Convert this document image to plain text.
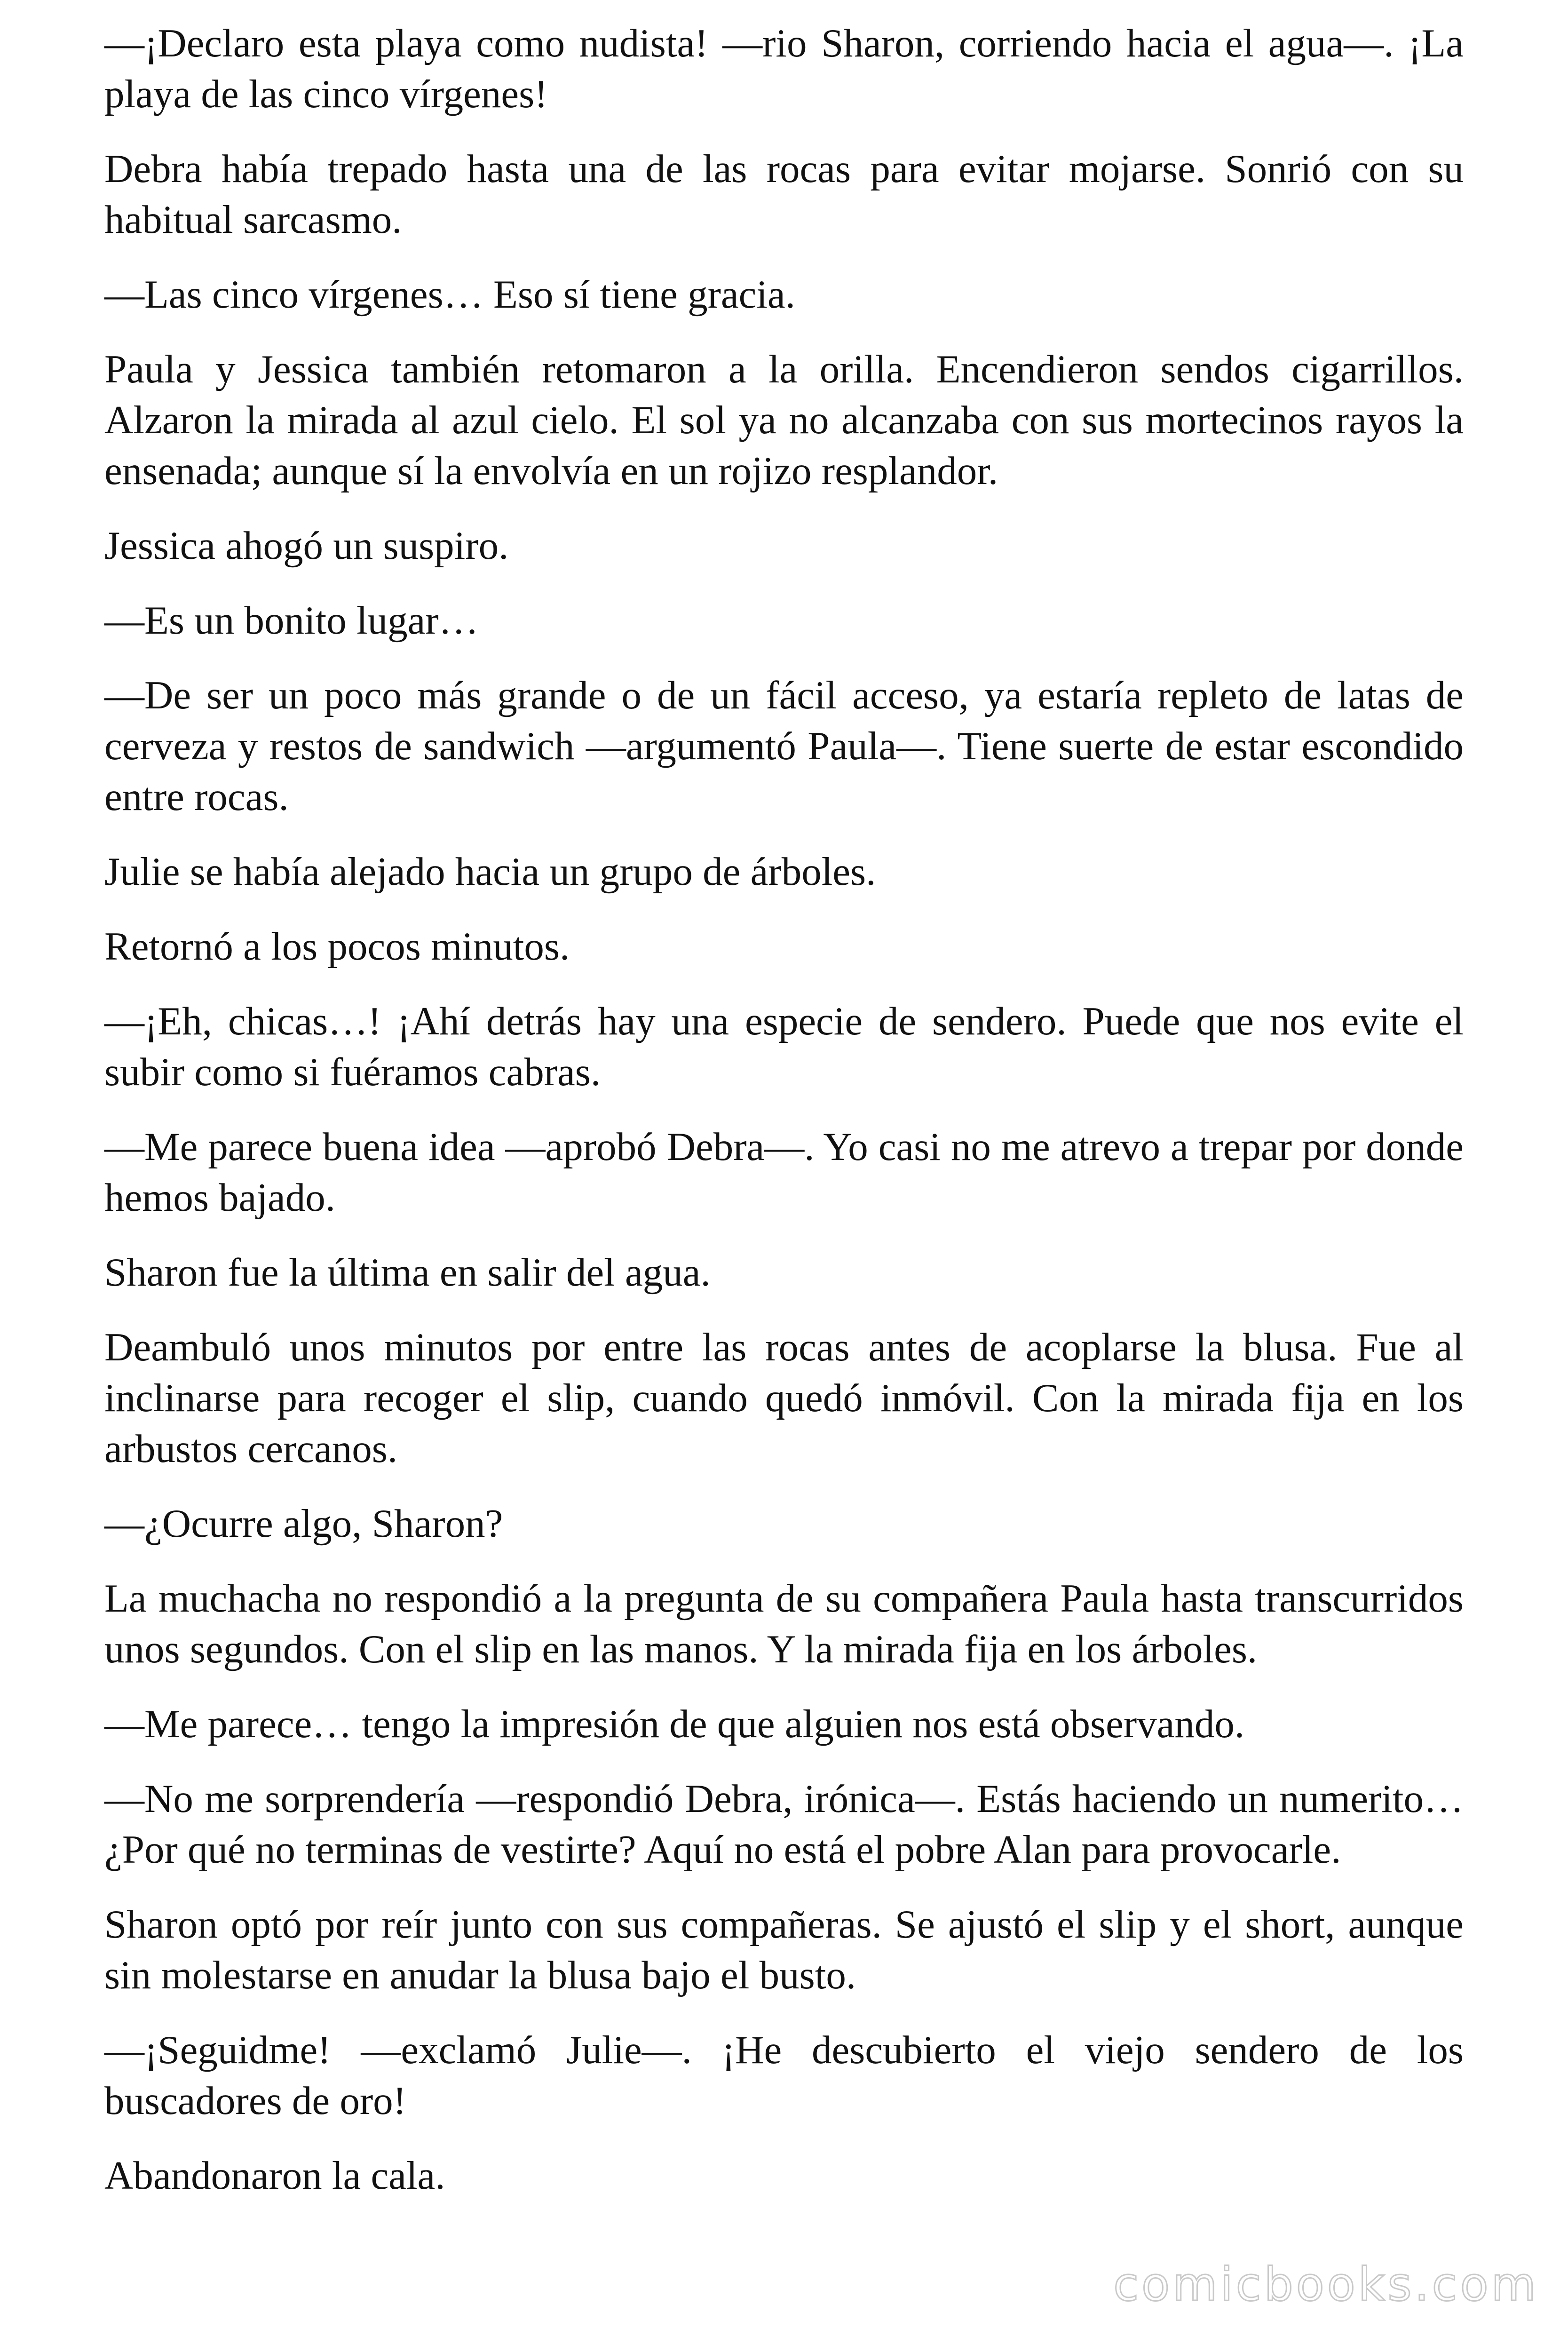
—¡Declaro esta playa como nudista! —rio Sharon, corriendo hacia el agua—. ¡La playa de las cinco vírgenes!

Debra había trepado hasta una de las rocas para evitar mojarse. Sonrió con su habitual sarcasmo.

—Las cinco vírgenes… Eso sí tiene gracia.

Paula y Jessica también retomaron a la orilla. Encendieron sendos cigarrillos. Alzaron la mirada al azul cielo. El sol ya no alcanzaba con sus mortecinos rayos la ensenada; aunque sí la envolvía en un rojizo resplandor.

Jessica ahogó un suspiro.

—Es un bonito lugar…

—De ser un poco más grande o de un fácil acceso, ya estaría repleto de latas de cerveza y restos de sandwich —argumentó Paula—. Tiene suerte de estar escondido entre rocas.

Julie se había alejado hacia un grupo de árboles.

Retornó a los pocos minutos.

—¡Eh, chicas…! ¡Ahí detrás hay una especie de sendero. Puede que nos evite el subir como si fuéramos cabras.

—Me parece buena idea —aprobó Debra—. Yo casi no me atrevo a trepar por donde hemos bajado.

Sharon fue la última en salir del agua.

Deambuló unos minutos por entre las rocas antes de acoplarse la blusa. Fue al inclinarse para recoger el slip, cuando quedó inmóvil. Con la mirada fija en los arbustos cercanos.

—¿Ocurre algo, Sharon?

La muchacha no respondió a la pregunta de su compañera Paula hasta transcurridos unos segundos. Con el slip en las manos. Y la mirada fija en los árboles.

—Me parece… tengo la impresión de que alguien nos está observando.

—No me sorprendería —respondió Debra, irónica—. Estás haciendo un numerito… ¿Por qué no terminas de vestirte? Aquí no está el pobre Alan para provocarle.

Sharon optó por reír junto con sus compañeras. Se ajustó el slip y el short, aunque sin molestarse en anudar la blusa bajo el busto.

—¡Seguidme! —exclamó Julie—. ¡He descubierto el viejo sendero de los buscadores de oro!

Abandonaron la cala.

comicbooks.com
